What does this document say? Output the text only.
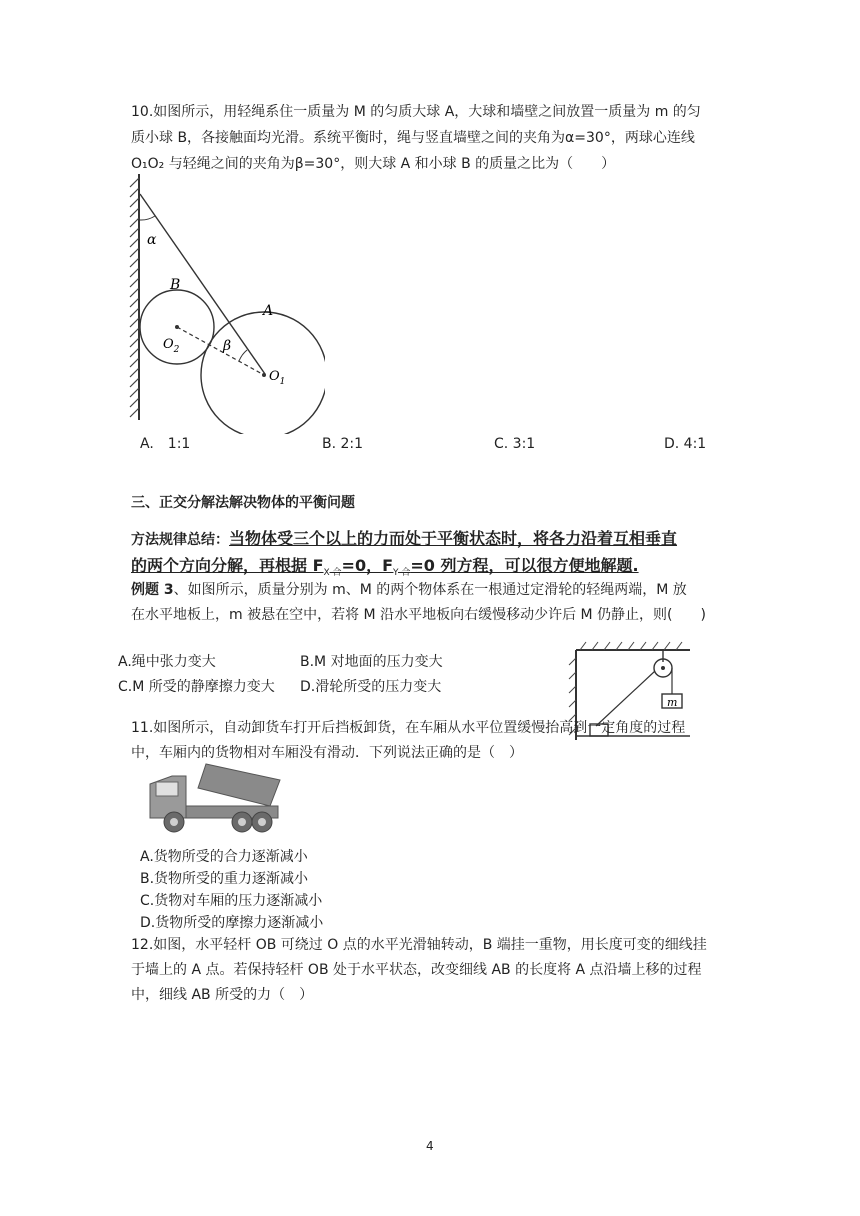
10.如图所示，用轻绳系住一质量为 M 的匀质大球 A，大球和墙壁之间放置一质量为 m 的匀
质小球 B，各接触面均光滑。系统平衡时，绳与竖直墙壁之间的夹角为α=30°，两球心连线
O₁O₂ 与轻绳之间的夹角为β=30°，则大球 A 和小球 B 的质量之比为（　　）
α
B
$O_2$
A
$O_1$
β
A.　1:1	B. 2:1	C. 3:1	D. 4:1
三、正交分解法解决物体的平衡问题
方法规律总结：当物体受三个以上的力而处于平衡状态时，将各力沿着互相垂直
的两个方向分解，再根据 $F_{X 合}=0$，$F_{Y 合}=0$ 列方程，可以很方便地解题.
例题 3、如图所示，质量分别为 m、M 的两个物体系在一根通过定滑轮的轻绳两端，M 放
在水平地板上，m 被悬在空中，若将 M 沿水平地板向右缓慢移动少许后 M 仍静止，则(　　)
A.绳中张力变大	B.M 对地面的压力变大
C.M 所受的静摩擦力变大 D.滑轮所受的压力变大
m
11.如图所示，自动卸货车打开后挡板卸货，在车厢从水平位置缓慢抬高到一定角度的过程
中，车厢内的货物相对车厢没有滑动．下列说法正确的是（　）
A.货物所受的合力逐渐减小
B.货物所受的重力逐渐减小
C.货物对车厢的压力逐渐减小
D.货物所受的摩擦力逐渐减小
12.如图，水平轻杆 OB 可绕过 O 点的水平光滑轴转动，B 端挂一重物，用长度可变的细线挂
于墙上的 A 点。若保持轻杆 OB 处于水平状态，改变细线 AB 的长度将 A 点沿墙上移的过程
中，细线 AB 所受的力（　）
4
